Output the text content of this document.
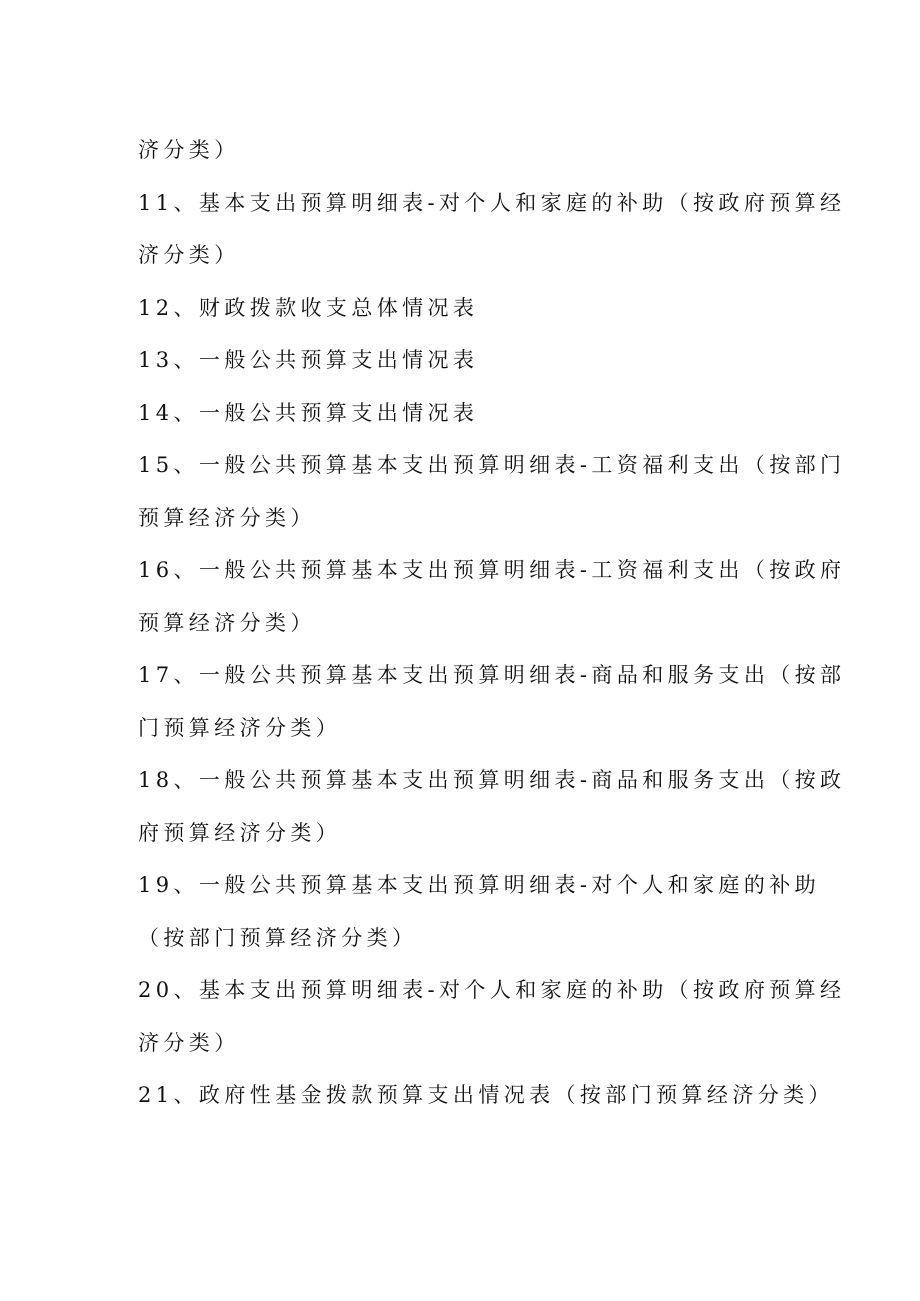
济分类）
11、基本支出预算明细表-对个人和家庭的补助（按政府预算经
济分类）
12、财政拨款收支总体情况表
13、一般公共预算支出情况表
14、一般公共预算支出情况表
15、一般公共预算基本支出预算明细表-工资福利支出（按部门
预算经济分类）
16、一般公共预算基本支出预算明细表-工资福利支出（按政府
预算经济分类）
17、一般公共预算基本支出预算明细表-商品和服务支出（按部
门预算经济分类）
18、一般公共预算基本支出预算明细表-商品和服务支出（按政
府预算经济分类）
19、一般公共预算基本支出预算明细表-对个人和家庭的补助
（按部门预算经济分类）
20、基本支出预算明细表-对个人和家庭的补助（按政府预算经
济分类）
21、政府性基金拨款预算支出情况表（按部门预算经济分类）
